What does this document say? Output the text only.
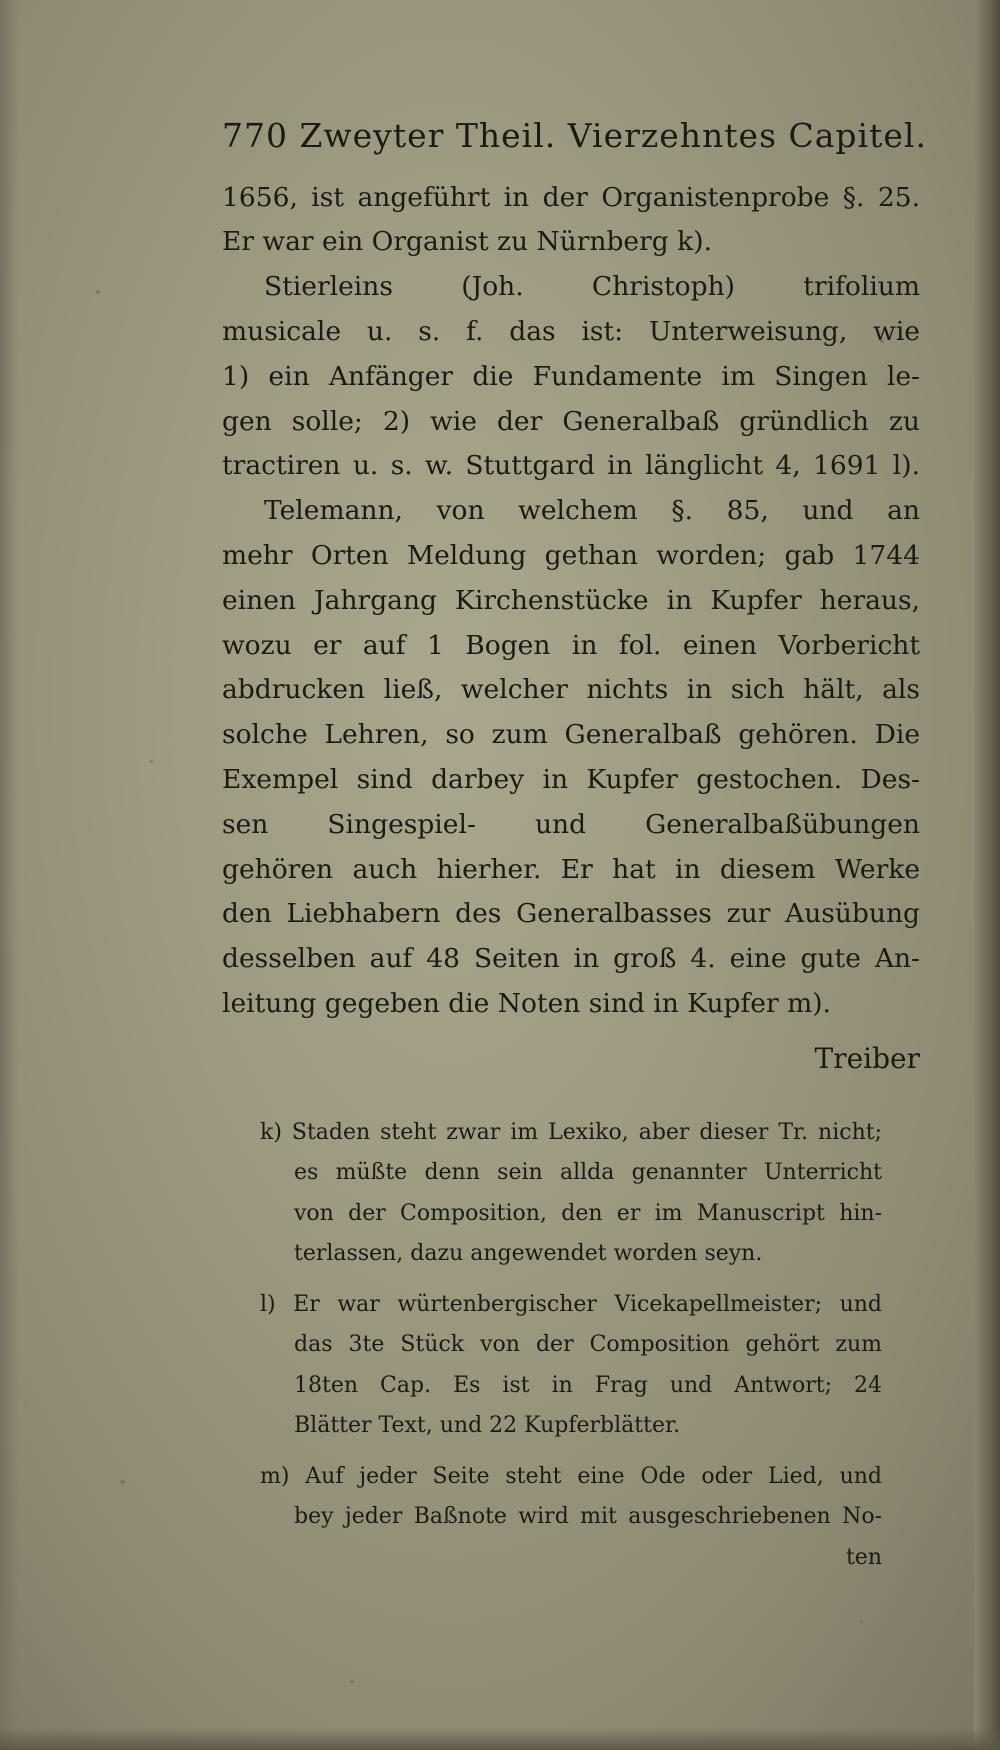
770 Zweyter Theil. Vierzehntes Capitel.
1656, ist angeführt in der Organistenprobe §. 25.
Er war ein Organist zu Nürnberg k).
Stierleins (Joh. Christoph) trifolium
musicale u. s. f. das ist: Unterweisung, wie
1) ein Anfänger die Fundamente im Singen le-
gen solle; 2) wie der Generalbaß gründlich zu
tractiren u. s. w. Stuttgard in länglicht 4, 1691 l).
Telemann, von welchem §. 85, und an
mehr Orten Meldung gethan worden; gab 1744
einen Jahrgang Kirchenstücke in Kupfer heraus,
wozu er auf 1 Bogen in fol. einen Vorbericht
abdrucken ließ, welcher nichts in sich hält, als
solche Lehren, so zum Generalbaß gehören. Die
Exempel sind darbey in Kupfer gestochen. Des-
sen Singespiel- und Generalbaßübungen
gehören auch hierher. Er hat in diesem Werke
den Liebhabern des Generalbasses zur Ausübung
desselben auf 48 Seiten in groß 4. eine gute An-
leitung gegeben die Noten sind in Kupfer m).
Treiber
k) Staden steht zwar im Lexiko, aber dieser Tr. nicht;
es müßte denn sein allda genannter Unterricht
von der Composition, den er im Manuscript hin-
terlassen, dazu angewendet worden seyn.
l) Er war würtenbergischer Vicekapellmeister; und
das 3te Stück von der Composition gehört zum
18ten Cap. Es ist in Frag und Antwort; 24
Blätter Text, und 22 Kupferblätter.
m) Auf jeder Seite steht eine Ode oder Lied, und
bey jeder Baßnote wird mit ausgeschriebenen No-
ten
